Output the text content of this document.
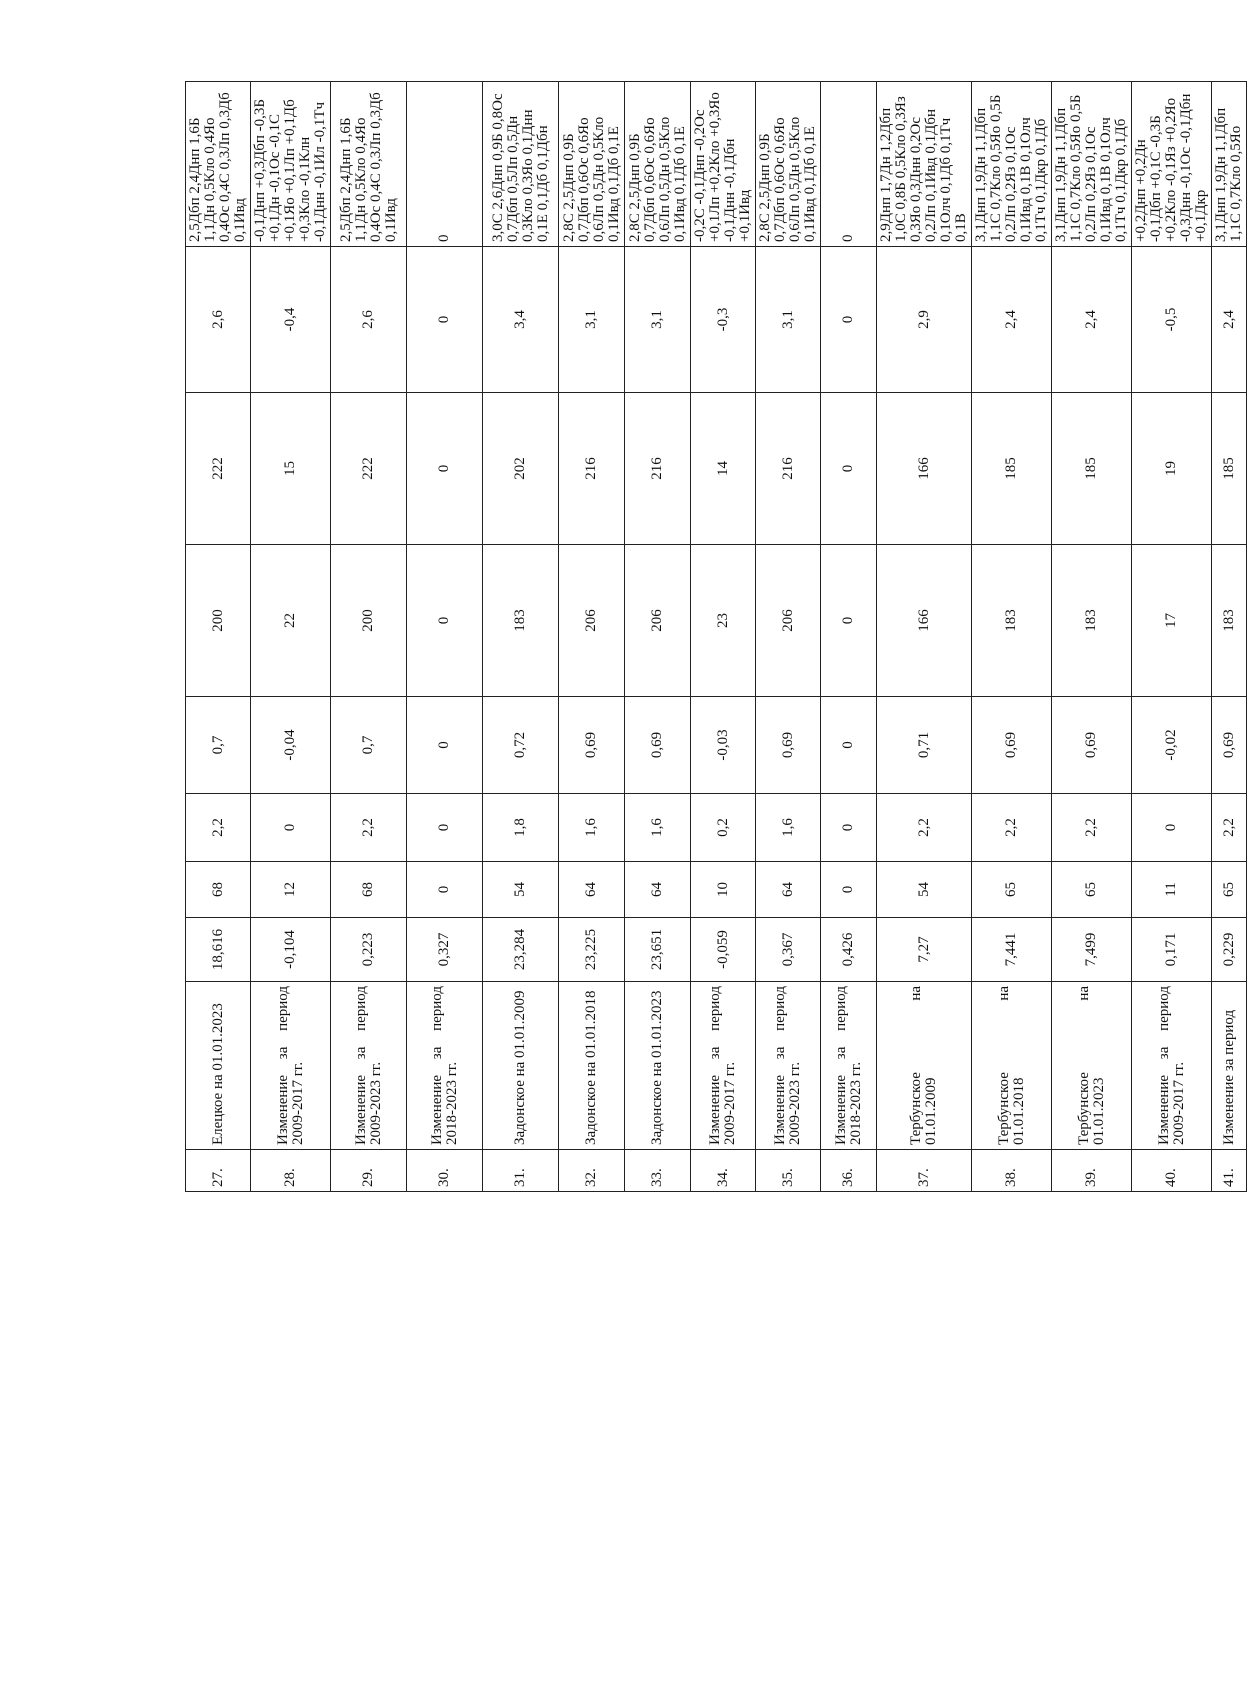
27.	Елецкое на 01.01.2023	18,616	68	2,2	0,7	200	222	2,6	2,5Дбп 2,4Днп 1,6Б 1,1Дн 0,5Кло 0,4Яо 0,4Ос 0,4С 0,3Лп 0,3Дб 0,1Ивд
28.	Изменение за период 2009-2017 гг.	-0,104	12	0	-0,04	22	15	-0,4	-0,1Днп +0,3Дбп -0,3Б +0,1Дн -0,1Ос -0,1С +0,1Яо +0,1Лп +0,1Дб +0,3Кло -0,1Клн -0,1Днн -0,1Ил -0,1Тч
29.	Изменение за период 2009-2023 гг.	0,223	68	2,2	0,7	200	222	2,6	2,5Дбп 2,4Днп 1,6Б 1,1Дн 0,5Кло 0,4Яо 0,4Ос 0,4С 0,3Лп 0,3Дб 0,1Ивд
30.	Изменение за период 2018-2023 гг.	0,327	0	0	0	0	0	0	0
31.	Задонское на 01.01.2009	23,284	54	1,8	0,72	183	202	3,4	3,0С 2,6Днп 0,9Б 0,8Ос 0,7Дбп 0,5Лп 0,5Дн 0,3Кло 0,3Яо 0,1Днн 0,1Е 0,1Дб 0,1Дбн
32.	Задонское на 01.01.2018	23,225	64	1,6	0,69	206	216	3,1	2,8С 2,5Днп 0,9Б 0,7Дбп 0,6Ос 0,6Яо 0,6Лп 0,5Дн 0,5Кло 0,1Ивд 0,1Дб 0,1Е
33.	Задонское на 01.01.2023	23,651	64	1,6	0,69	206	216	3,1	2,8С 2,5Днп 0,9Б 0,7Дбп 0,6Ос 0,6Яо 0,6Лп 0,5Дн 0,5Кло 0,1Ивд 0,1Дб 0,1Е
34.	Изменение за период 2009-2017 гг.	-0,059	10	0,2	-0,03	23	14	-0,3	-0,2С -0,1Днп -0,2Ос +0,1Лп +0,2Кло +0,3Яо -0,1Днн -0,1Дбн +0,1Ивд
35.	Изменение за период 2009-2023 гг.	0,367	64	1,6	0,69	206	216	3,1	2,8С 2,5Днп 0,9Б 0,7Дбп 0,6Ос 0,6Яо 0,6Лп 0,5Дн 0,5Кло 0,1Ивд 0,1Дб 0,1Е
36.	Изменение за период 2018-2023 гг.	0,426	0	0	0	0	0	0	0
37.	Тербунское на 01.01.2009	7,27	54	2,2	0,71	166	166	2,9	2,9Днп 1,7Дн 1,2Дбп 1,0С 0,8Б 0,5Кло 0,3Яз 0,3Яо 0,3Днн 0,2Ос 0,2Лп 0,1Ивд 0,1Дбн 0,1Олч 0,1Дб 0,1Тч 0,1В
38.	Тербунское на 01.01.2018	7,441	65	2,2	0,69	183	185	2,4	3,1Днп 1,9Дн 1,1Дбп 1,1С 0,7Кло 0,5Яо 0,5Б 0,2Лп 0,2Яз 0,1Ос 0,1Ивд 0,1В 0,1Олч 0,1Тч 0,1Дкр 0,1Дб
39.	Тербунское на 01.01.2023	7,499	65	2,2	0,69	183	185	2,4	3,1Днп 1,9Дн 1,1Дбп 1,1С 0,7Кло 0,5Яо 0,5Б 0,2Лп 0,2Яз 0,1Ос 0,1Ивд 0,1В 0,1Олч 0,1Тч 0,1Дкр 0,1Дб
40.	Изменение за период 2009-2017 гг.	0,171	11	0	-0,02	17	19	-0,5	+0,2Днп +0,2Дн -0,1Дбп +0,1С -0,3Б +0,2Кло -0,1Яз +0,2Яо -0,3Днн -0,1Ос -0,1Дбн +0,1Дкр
41.	Изменение за период	0,229	65	2,2	0,69	183	185	2,4	3,1Днп 1,9Дн 1,1Дбп 1,1С 0,7Кло 0,5Яо
